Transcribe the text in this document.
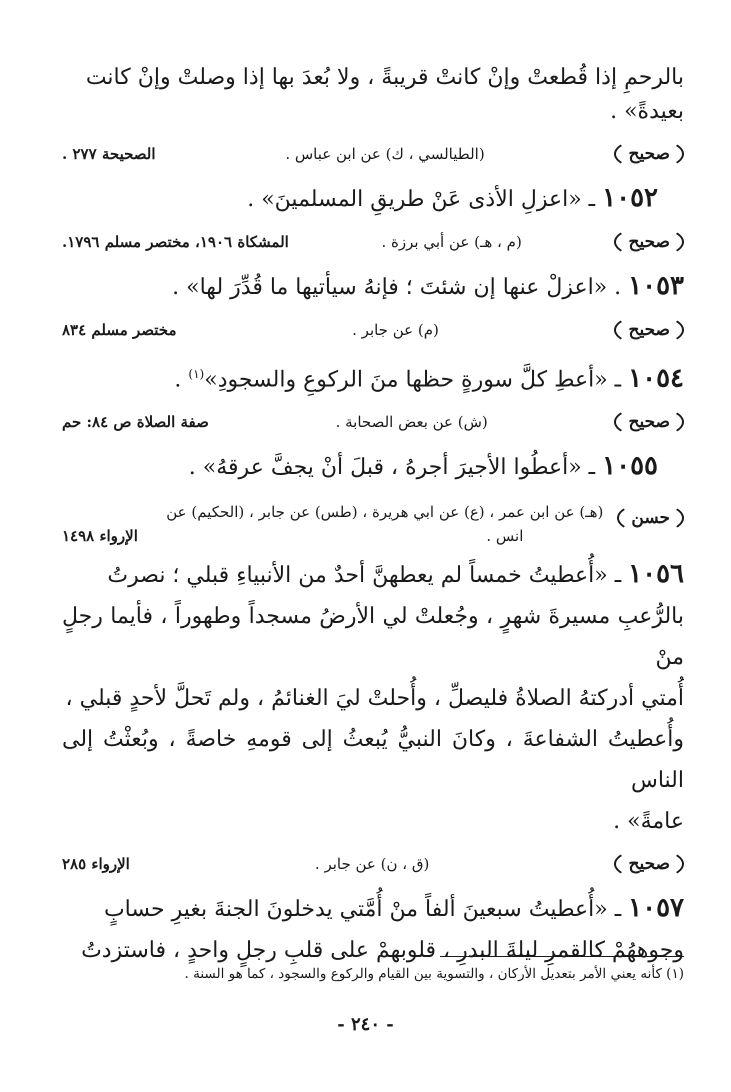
بالرحمِ إذا قُطعتْ وإنْ كانتْ قريبةً ، ولا بُعدَ بها إذا وصلتْ وإنْ كانت

بعيدةً» .

صحيح
(الطيالسي ، ك) عن ابن عباس .
الصحيحة ٢٧٧ .

١٠٥٢ ـ «اعزلِ الأذى عَنْ طريقِ المسلمينَ» .

صحيح
(م ، هـ) عن أبي برزة .
المشكاة ١٩٠٦، مختصر مسلم ١٧٩٦.

١٠٥٣ . «اعزلْ عنها إن شئتَ ؛ فإنهُ سيأتيها ما قُدِّرَ لها» .

صحيح
(م) عن جابر .
مختصر مسلم ٨٣٤

١٠٥٤ ـ «أعطِ كلَّ سورةٍ حظها منَ الركوعِ والسجودِ»$^{(١)}$ .

صحيح
(ش) عن بعض الصحابة .
صفة الصلاة ص ٨٤: حم

١٠٥٥ ـ «أعطُوا الأجيرَ أجرهُ ، قبلَ أنْ يجفَّ عرقهُ» .

حسن
(هـ) عن ابن عمر ، (ع) عن ابي هريرة ، (طس) عن جابر ، (الحكيم) عن
انس .
الإرواء ١٤٩٨

١٠٥٦ ـ «أُعطيتُ خمساً لم يعطهنَّ أحدٌ من الأنبياءِ قبلي ؛ نصرتُ
بالرُّعبِ مسيرةَ شهرٍ ، وجُعلتْ لي الأرضُ مسجداً وطهوراً ، فأيما رجلٍ منْ
أُمتي أدركتهُ الصلاةُ فليصلِّ ، وأُحلتْ ليَ الغنائمُ ، ولم تَحلَّ لأحدٍ قبلي ،
وأُعطيتُ الشفاعةَ ، وكانَ النبيُّ يُبعثُ إلى قومهِ خاصةً ، وبُعثْتُ إلى الناس
عامةً» .

صحيح
(ق ، ن) عن جابر .
الإرواء ٢٨٥

١٠٥٧ ـ «أُعطيتُ سبعينَ ألفاً منْ أُمَّتي يدخلونَ الجنةَ بغيرِ حسابٍ
وجوههُمْ كالقمرِ ليلةَ البدرِ ، قلوبهمْ على قلبِ رجلٍ واحدٍ ، فاستزدتُ

(١) كأنه يعني الأمر بتعديل الأركان ، والتسوية بين القيام والركوع والسجود ، كما هو السنة .
- ٢٤٠ -
